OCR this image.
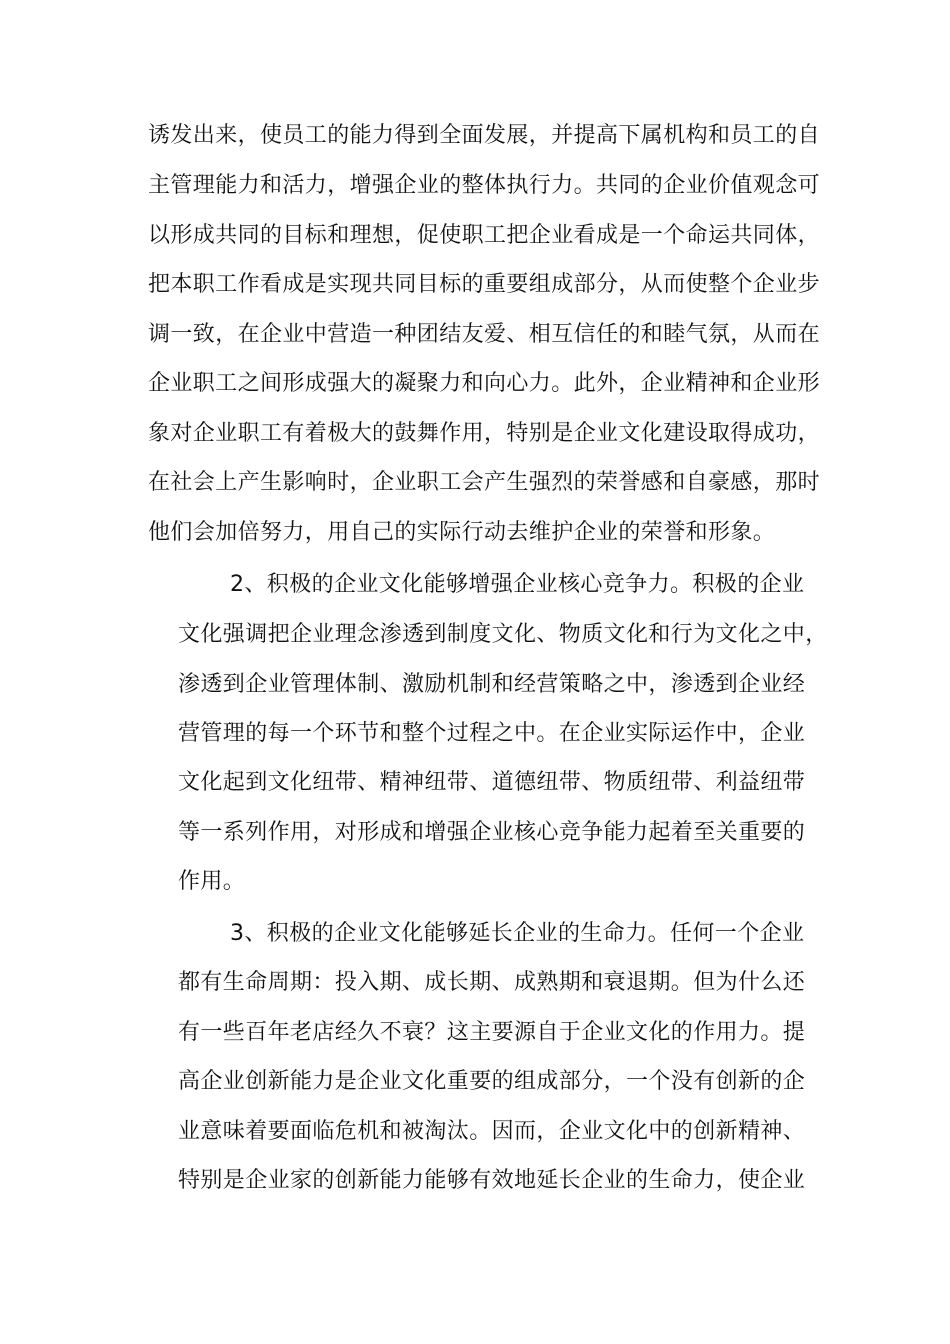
诱发出来，使员工的能力得到全面发展，并提高下属机构和员工的自
主管理能力和活力，增强企业的整体执行力。共同的企业价值观念可
以形成共同的目标和理想，促使职工把企业看成是一个命运共同体，
把本职工作看成是实现共同目标的重要组成部分，从而使整个企业步
调一致，在企业中营造一种团结友爱、相互信任的和睦气氛，从而在
企业职工之间形成强大的凝聚力和向心力。此外，企业精神和企业形
象对企业职工有着极大的鼓舞作用，特别是企业文化建设取得成功，
在社会上产生影响时，企业职工会产生强烈的荣誉感和自豪感，那时
他们会加倍努力，用自己的实际行动去维护企业的荣誉和形象。
2、积极的企业文化能够增强企业核心竞争力。积极的企业
文化强调把企业理念渗透到制度文化、物质文化和行为文化之中，
渗透到企业管理体制、激励机制和经营策略之中，渗透到企业经
营管理的每一个环节和整个过程之中。在企业实际运作中，企业
文化起到文化纽带、精神纽带、道德纽带、物质纽带、利益纽带
等一系列作用，对形成和增强企业核心竞争能力起着至关重要的
作用。
3、积极的企业文化能够延长企业的生命力。任何一个企业
都有生命周期：投入期、成长期、成熟期和衰退期。但为什么还
有一些百年老店经久不衰？这主要源自于企业文化的作用力。提
高企业创新能力是企业文化重要的组成部分，一个没有创新的企
业意味着要面临危机和被淘汰。因而，企业文化中的创新精神、
特别是企业家的创新能力能够有效地延长企业的生命力，使企业
